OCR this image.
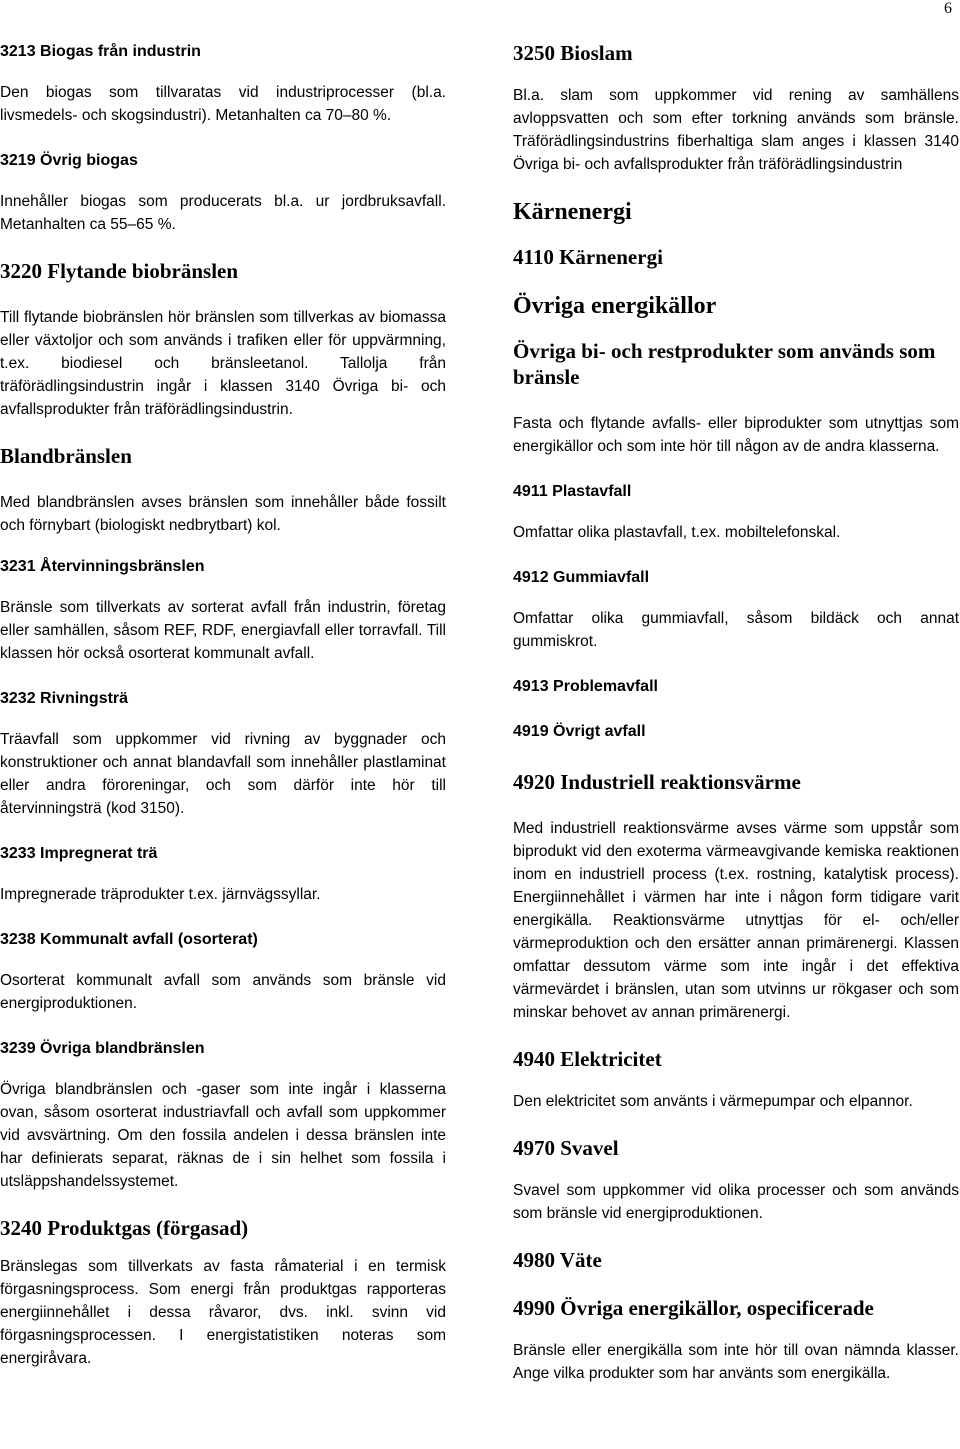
6
3213 Biogas från industrin

Den biogas som tillvaratas vid industriprocesser (bl.a. livsmedels- och skogsindustri). Metanhalten ca 70–80 %.

3219 Övrig biogas

Innehåller biogas som producerats bl.a. ur jordbruksavfall. Metanhalten ca 55–65 %.

3220 Flytande biobränslen

Till flytande biobränslen hör bränslen som tillverkas av biomassa eller växtoljor och som används i trafiken eller för uppvärmning, t.ex. biodiesel och bränsleetanol. Tallolja från träförädlingsindustrin ingår i klassen 3140 Övriga bi- och avfallsprodukter från träförädlingsindustrin.

Blandbränslen

Med blandbränslen avses bränslen som innehåller både fossilt och förnybart (biologiskt nedbrytbart) kol.

3231 Återvinningsbränslen

Bränsle som tillverkats av sorterat avfall från industrin, företag eller samhällen, såsom REF, RDF, energiavfall eller torravfall. Till klassen hör också osorterat kommunalt avfall.

3232 Rivningsträ

Träavfall som uppkommer vid rivning av byggnader och konstruktioner och annat blandavfall som innehåller plastlaminat eller andra föroreningar, och som därför inte hör till återvinningsträ (kod 3150).

3233 Impregnerat trä

Impregnerade träprodukter t.ex. järnvägssyllar.

3238 Kommunalt avfall (osorterat)

Osorterat kommunalt avfall som används som bränsle vid energiproduktionen.

3239 Övriga blandbränslen

Övriga blandbränslen och -gaser som inte ingår i klasserna ovan, såsom osorterat industriavfall och avfall som uppkommer vid avsvärtning. Om den fossila andelen i dessa bränslen inte har definierats separat, räknas de i sin helhet som fossila i utsläppshandelssystemet.

3240 Produktgas (förgasad)

Bränslegas som tillverkats av fasta råmaterial i en termisk förgasningsprocess. Som energi från produktgas rapporteras energiinnehållet i dessa råvaror, dvs. inkl. svinn vid förgasningsprocessen. I energistatistiken noteras som energiråvara.

3250 Bioslam

Bl.a. slam som uppkommer vid rening av samhällens avloppsvatten och som efter torkning används som bränsle. Träförädlingsindustrins fiberhaltiga slam anges i klassen 3140 Övriga bi- och avfallsprodukter från träförädlingsindustrin

Kärnenergi
4110 Kärnenergi
Övriga energikällor
Övriga bi- och restprodukter som används som bränsle

Fasta och flytande avfalls- eller biprodukter som utnyttjas som energikällor och som inte hör till någon av de andra klasserna.

4911 Plastavfall

Omfattar olika plastavfall, t.ex. mobiltelefonskal.

4912 Gummiavfall

Omfattar olika gummiavfall, såsom bildäck och annat gummiskrot.

4913 Problemavfall
4919 Övrigt avfall
4920 Industriell reaktionsvärme

Med industriell reaktionsvärme avses värme som uppstår som biprodukt vid den exoterma värmeavgivande kemiska reaktionen inom en industriell process (t.ex. rostning, katalytisk process). Energiinnehållet i värmen har inte i någon form tidigare varit energikälla. Reaktionsvärme utnyttjas för el- och/eller värmeproduktion och den ersätter annan primärenergi. Klassen omfattar dessutom värme som inte ingår i det effektiva värmevärdet i bränslen, utan som utvinns ur rökgaser och som minskar behovet av annan primärenergi.

4940 Elektricitet

Den elektricitet som använts i värmepumpar och elpannor.

4970 Svavel

Svavel som uppkommer vid olika processer och som används som bränsle vid energiproduktionen.

4980 Väte
4990 Övriga energikällor, ospecificerade

Bränsle eller energikälla som inte hör till ovan nämnda klasser. Ange vilka produkter som har använts som energikälla.
